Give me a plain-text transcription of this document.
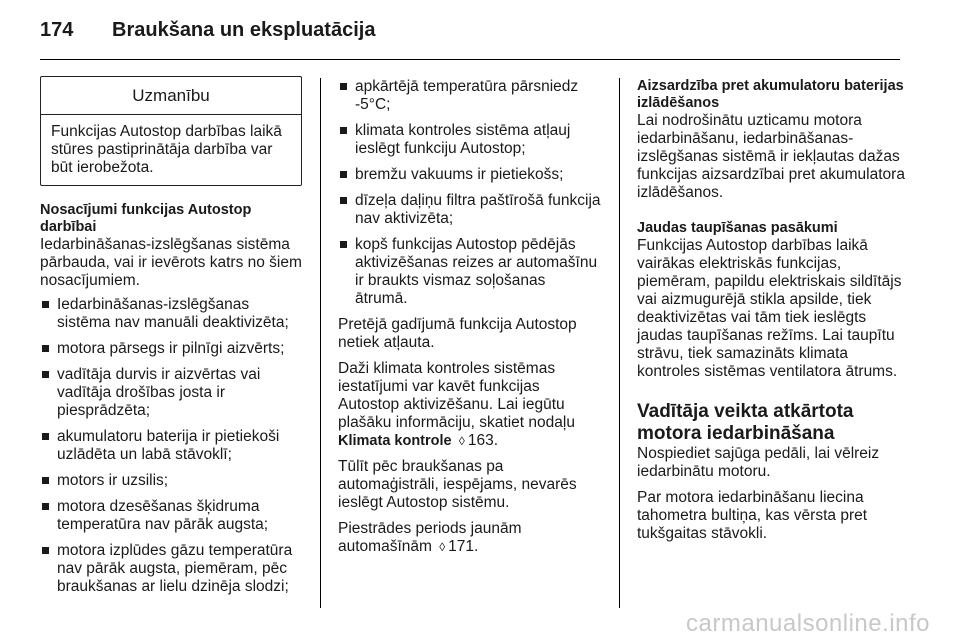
174	Braukšana un ekspluatācija
Uzmanību
Funkcijas Autostop darbības laikā stūres pastiprinātāja darbība var būt ierobežota.
Nosacījumi funkcijas Autostop darbībai

Iedarbināšanas-izslēgšanas sistēma pārbauda, vai ir ievērots katrs no šiem nosacījumiem.

Iedarbināšanas-izslēgšanas sistēma nav manuāli deaktivizēta;
motora pārsegs ir pilnīgi aizvērts;
vadītāja durvis ir aizvērtas vai vadītāja drošības josta ir piesprādzēta;
akumulatoru baterija ir pietiekoši uzlādēta un labā stāvoklī;
motors ir uzsilis;
motora dzesēšanas šķidruma temperatūra nav pārāk augsta;
motora izplūdes gāzu temperatūra nav pārāk augsta, piemēram, pēc braukšanas ar lielu dzinēja slodzi;
apkārtējā temperatūra pārsniedz -5°C;
klimata kontroles sistēma atļauj ieslēgt funkciju Autostop;
bremžu vakuums ir pietiekošs;
dīzeļa daļiņu filtra paštīrošā funkcija nav aktivizēta;
kopš funkcijas Autostop pēdējās aktivizēšanas reizes ar automašīnu ir braukts vismaz soļošanas ātrumā.

Pretējā gadījumā funkcija Autostop netiek atļauta.

Daži klimata kontroles sistēmas iestatījumi var kavēt funkcijas Autostop aktivizēšanu. Lai iegūtu plašāku informāciju, skatiet nodaļu Klimata kontrole ◊ 163.

Tūlīt pēc braukšanas pa automaģistrāli, iespējams, nevarēs ieslēgt Autostop sistēmu.

Piestrādes periods jaunām automašīnām ◊ 171.

Aizsardzība pret akumulatoru baterijas izlādēšanos

Lai nodrošinātu uzticamu motora iedarbināšanu, iedarbināšanas-izslēgšanas sistēmā ir iekļautas dažas funkcijas aizsardzībai pret akumulatora izlādēšanos.

Jaudas taupīšanas pasākumi

Funkcijas Autostop darbības laikā vairākas elektriskās funkcijas, piemēram, papildu elektriskais sildītājs vai aizmugurējā stikla apsilde, tiek deaktivizētas vai tām tiek ieslēgts jaudas taupīšanas režīms. Lai taupītu strāvu, tiek samazināts klimata kontroles sistēmas ventilatora ātrums.

Vadītāja veikta atkārtota motora iedarbināšana

Nospiediet sajūga pedāli, lai vēlreiz iedarbinātu motoru.

Par motora iedarbināšanu liecina tahometra bultiņa, kas vērsta pret tukšgaitas stāvokli.

carmanualsonline.info
